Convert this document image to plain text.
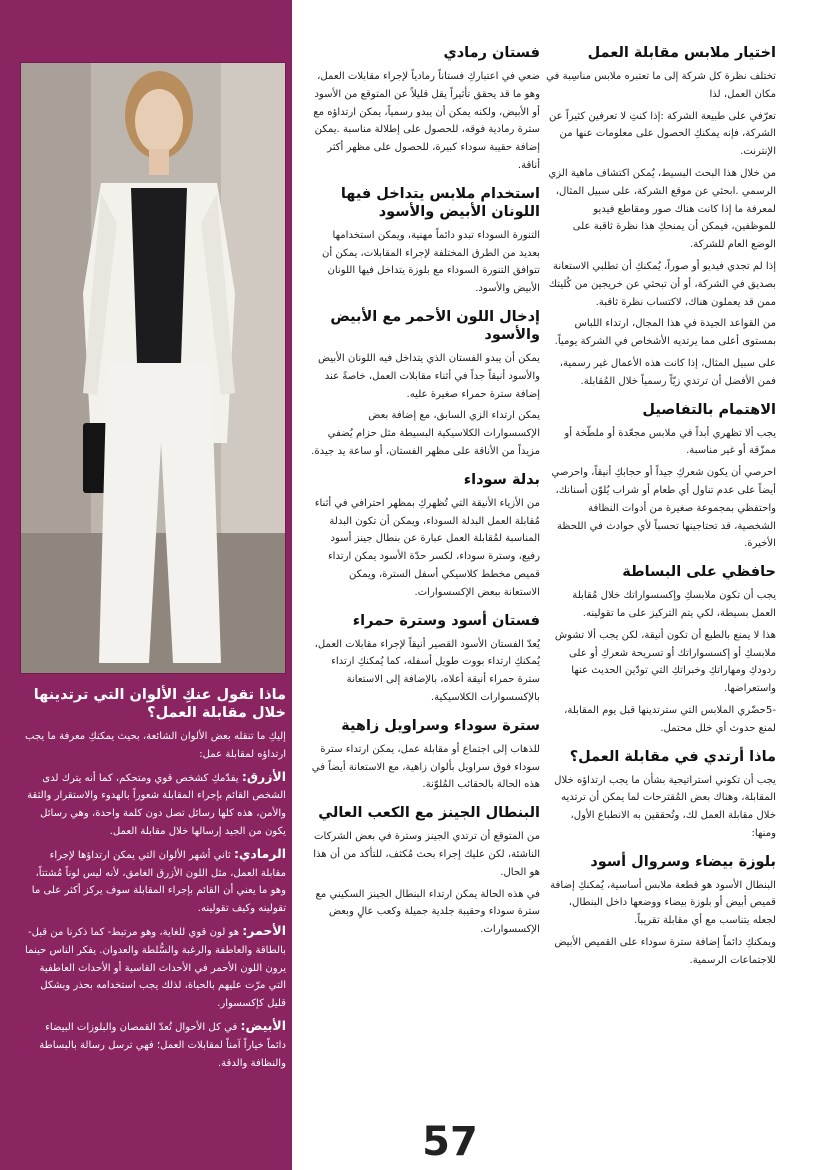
اختيار ملابس مقابلة العمل

تختلف نظرة كل شركة إلى ما تعتبره ملابس مناسِبة في مكان العمل، لذا

تعرّفي على طبيعة الشركة :إذا كنتِ لا تعرفين كثيراً عن الشركة، فإنه يمكنكِ الحصول على معلومات عنها من الإنترنت.

من خلال هذا البحث البسيط، يُمكن اكتشاف ماهية الزي الرسمي .ابحثي عن موقع الشركة، على سبيل المثال، لمعرفة ما إذا كانت هناك صور ومقاطع فيديو للموظفين، فيمكن أن يمنحكِ هذا نظرة ثاقبة على الوضع العام للشركة.

إذا لم تجدي فيديو أو صوراً، يُمكنكِ أن تطلبي الاستعانة بصديق في الشركة، أو أن تبحثي عن خريجين من كُليتك ممن قد يعملون هناك، لاكتساب نظرة ثاقبة.

من القواعد الجيدة في هذا المجال، ارتداء اللباس بمستوى أعلى مما يرتديه الأشخاص في الشركة يومياً.

على سبيل المثال، إذا كانت هذه الأعمال غير رسمية، فمن الأفضل أن ترتدي زيّاً رسمياً خلال المُقابلة.

الاهتمام بالتفاصيل

يجب ألا تظهري أبداً في ملابس مجعّدة أو ملطّخة أو ممزّقة أو غير مناسبة.

احرصي أن يكون شعركِ جيداً أو حجابكِ أنيقاً، واحرصي أيضاً على عدم تناول أي طعام أو شراب يُلوّن أسنانك، واحتفظي بمجموعة صغيرة من أدوات النظافة الشخصية، قد تحتاجينها تحسباً لأي حوادث في اللحظة الأخيرة.

حافظي على البساطة

يجب أن تكون ملابسكِ وإكسسواراتك خلال مُقابلة العمل بسيطة، لكي يتم التركيز على ما تقولينه.

هذا لا يمنع بالطبع أن تكون أنيقة، لكن يجب ألا تشوش ملابسكِ أو إكسسواراتك أو تسريحة شعركِ أو على ردودكِ ومهاراتكِ وخبراتكِ التي تودّين الحديث عنها واستعراضها.

-5حضّري الملابس التي سترتدينها قبل يوم المقابلة، لمنع حدوث أي خلل محتمل.

ماذا أرتدي في مقابلة العمل؟

يجب أن تكوني استراتيجية بشأن ما يجب ارتداؤه خلال المقابلة، وهناك بعض المُقترحات لما يمكن أن ترتديه خلال مقابلة العمل لك، وتُحققين به الانطباع الأول، ومنها:

بلوزة بيضاء وسروال أسود

البنطال الأسود هو قطعة ملابس أساسية، يُمكنكِ إضافة قميص أبيض أو بلوزة بيضاء ووضعها داخل البنطال، لجعله يتناسب مع أي مقابلة تقريباً.

ويمكنكِ دائماً إضافة سترة سوداء على القميص الأبيض للاجتماعات الرسمية.

فستان رمادي

ضعي في اعتباركِ فستاناً رمادياً لإجراء مقابلات العمل، وهو ما قد يحقق تأثيراً يقل قليلاً عن المتوقع من الأسود أو الأبيض، ولكنه يمكن أن يبدو رسمياً، يمكن ارتداؤه مع سترة رمادية فوقه، للحصول على إطلالة مناسبة .يمكن إضافة حقيبة سوداء كبيرة، للحصول على مظهر أكثر أناقة.

استخدام ملابس يتداخل فيها اللونان الأبيض والأسود

التنورة السوداء تبدو دائماً مهنية، ويمكن استخدامها بعديد من الطرق المختلفة لإجراء المقابلات، يمكن أن تتوافق التنورة السوداء مع بلوزة يتداخل فيها اللونان الأبيض والأسود.

إدخال اللون الأحمر مع الأبيض والأسود

يمكن أن يبدو الفستان الذي يتداخل فيه اللونان الأبيض والأسود أنيقاً جداً في أثناء مقابلات العمل، خاصةً عند إضافة سترة حمراء صغيرة عليه.

يمكن ارتداء الزي السابق، مع إضافة بعض الإكسسوارات الكلاسيكية البسيطة مثل حزام يُضفي مزيداً من الأناقة على مظهر الفستان، أو ساعة يد جيدة.

بدلة سوداء

من الأزياء الأنيقة التي تُظهركِ بمظهر احترافي في أثناء مُقابلة العمل البدلة السوداء، ويمكن أن تكون البدلة المناسبة لمُقابلة العمل عبارة عن بنطال جينز أسود رفيع، وسترة سوداء، لكسر حدّة الأسود يمكن ارتداء قميص مخطط كلاسيكي أسفل السترة، ويمكن الاستعانة ببعض الإكسسوارات.

فستان أسود وسترة حمراء

يُعدّ الفستان الأسود القصير أنيقاً لإجراء مقابلات العمل، يُمكنكِ ارتداء بووت طويل أسفله، كما يُمكنكِ ارتداء سترة حمراء أنيقة أعلاه، بالإضافة إلى الاستعانة بالإكسسوارات الكلاسيكية.

سترة سوداء وسراويل زاهية

للذهاب إلى اجتماع أو مقابلة عمل، يمكن ارتداء سترة سوداء فوق سراويل بألوان زاهية، مع الاستعانة أيضاً في هذه الحالة بالحقائب المُلوّنة.

البنطال الجينز مع الكعب العالي

من المتوقع أن ترتدي الجينز وسترة في بعض الشركات الناشئة، لكن عليك إجراء بحث مُكثف، للتأكد من أن هذا هو الحال.

في هذه الحالة يمكن ارتداء البنطال الجينز السكيني مع سترة سوداء وحقيبة جلدية جميلة وكعب عالٍ وبعض الإكسسوارات.

ماذا تقول عنكِ الألوان التي ترتدينها خلال مقابلة العمل؟

إليكِ ما تنقله بعض الألوان الشائعة، بحيث يمكنكِ معرفة ما يجب ارتداؤه لمقابلة عمل:

الأزرق: يفدّمكِ كشخص قوي ومتحكم، كما أنه يترك لدى الشخص القائم بإجراء المقابلة شعوراً بالهدوء والاستقرار والثقة والأمن، هذه كلها رسائل تصل دون كلمة واحدة، وهي رسائل يكون من الجيد إرسالها خلال مقابلة العمل.

الرمادي: ثاني أشهر الألوان التي يمكن ارتداؤها لإجراء مقابلة العمل، مثل اللون الأزرق الغامق، لأنه ليس لوناً مُشتتاً، وهو ما يعني أن القائم بإجراء المقابلة سوف يركز أكثر على ما تقولينه وكيف تقولينه.

الأحمر: هو لون قوي للغاية، وهو مرتبط- كما ذكرنا من قبل- بالطاقة والعاطفة والرغبة والسُّلطة والعدوان. يفكر الناس حينما يرون اللون الأحمر في الأحداث القاسية أو الأحداث العاطفية التي مرّت عليهم بالحياة، لذلك يجب استخدامه بحذر وبشكل قليل كإكسسوار.

الأبيض: في كل الأحوال تُعدّ القمصان والبلوزات البيضاء دائماً خياراً آمناً لمقابلات العمل؛ فهي ترسل رسالة بالبساطة والنظافة والدقة.

57
